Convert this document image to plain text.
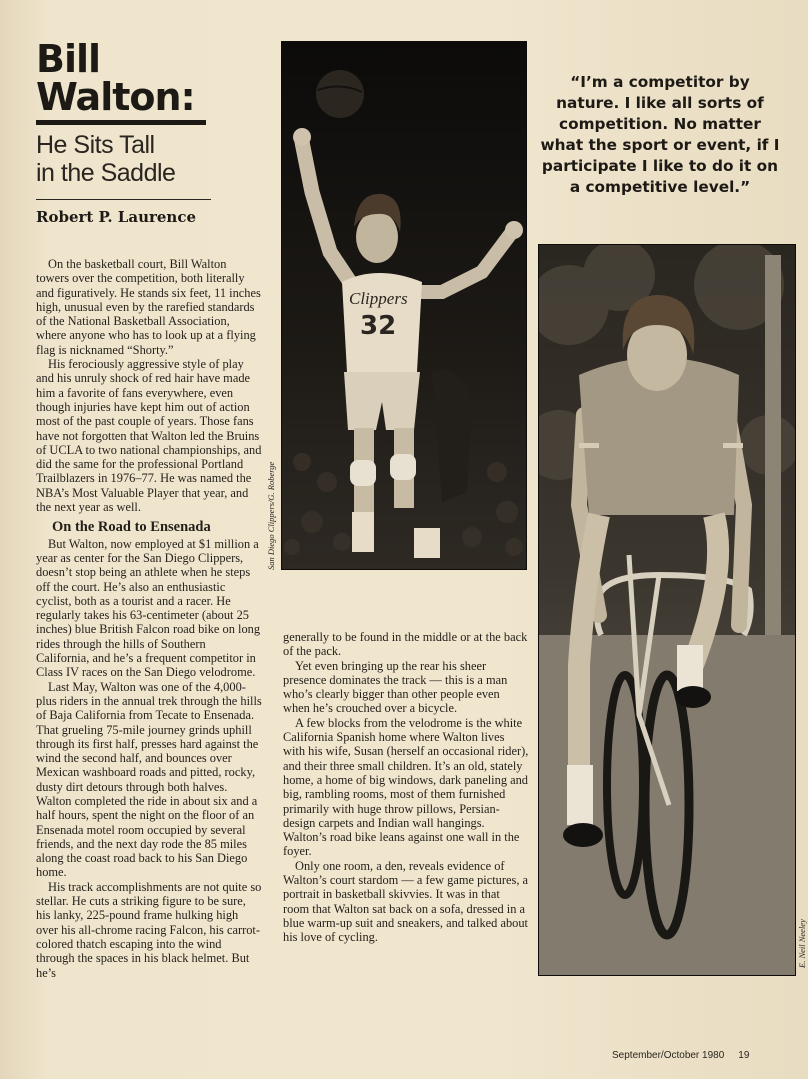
Bill
Walton:
He Sits Tall
in the Saddle

Robert P. Laurence

On the basketball court, Bill Walton towers over the competition, both literally and figuratively. He stands six feet, 11 inches high, unusual even by the rarefied standards of the National Basketball Association, where anyone who has to look up at a flying flag is nicknamed “Shorty.”

His ferociously aggressive style of play and his unruly shock of red hair have made him a favorite of fans everywhere, even though injuries have kept him out of action most of the past couple of years. Those fans have not forgotten that Walton led the Bruins of UCLA to two national championships, and did the same for the professional Portland Trailblazers in 1976–77. He was named the NBA’s Most Valuable Player that year, and the next year as well.

On the Road to Ensenada

But Walton, now employed at $1 million a year as center for the San Diego Clippers, doesn’t stop being an athlete when he steps off the court. He’s also an enthusiastic cyclist, both as a tourist and a racer. He regularly takes his 63-centimeter (about 25 inches) blue British Falcon road bike on long rides through the hills of Southern California, and he’s a frequent competitor in Class IV races on the San Diego velodrome.

Last May, Walton was one of the 4,000-plus riders in the annual trek through the hills of Baja California from Tecate to Ensenada. That grueling 75-mile journey grinds uphill through its first half, presses hard against the wind the second half, and bounces over Mexican washboard roads and pitted, rocky, dusty dirt detours through both halves. Walton completed the ride in about six and a half hours, spent the night on the floor of an Ensenada motel room occupied by several friends, and the next day rode the 85 miles along the coast road back to his San Diego home.

His track accomplishments are not quite so stellar. He cuts a striking figure to be sure, his lanky, 225-pound frame hulking high over his all-chrome racing Falcon, his carrot-colored thatch escaping into the wind through the spaces in his black helmet. But he’s

Clippers
32
San Diego Clippers/G. Roberge
“I’m a competitor by nature. I like all sorts of competition. No matter what the sport or event, if I participate I like to do it on a competitive level.”
E. Neil Neeley

generally to be found in the middle or at the back of the pack.

Yet even bringing up the rear his sheer presence dominates the track — this is a man who’s clearly bigger than other people even when he’s crouched over a bicycle.

A few blocks from the velodrome is the white California Spanish home where Walton lives with his wife, Susan (herself an occasional rider), and their three small children. It’s an old, stately home, a home of big windows, dark paneling and big, rambling rooms, most of them furnished primarily with huge throw pillows, Persian-design carpets and Indian wall hangings. Walton’s road bike leans against one wall in the foyer.

Only one room, a den, reveals evidence of Walton’s court stardom — a few game pictures, a portrait in basketball skivvies. It was in that room that Walton sat back on a sofa, dressed in a blue warm-up suit and sneakers, and talked about his love of cycling.

September/October 1980 19
